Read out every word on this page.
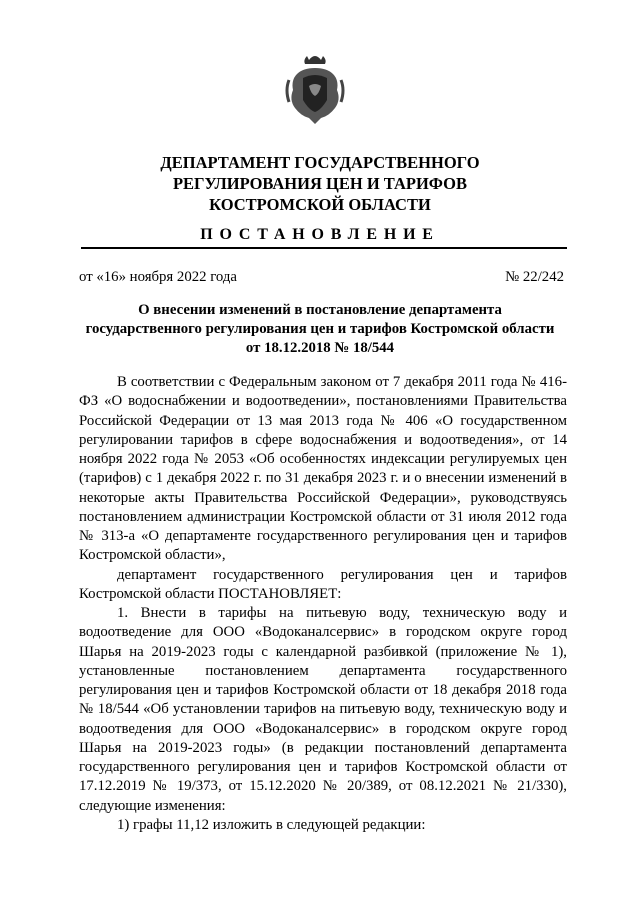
ДЕПАРТАМЕНТ ГОСУДАРСТВЕННОГО
РЕГУЛИРОВАНИЯ ЦЕН И ТАРИФОВ
КОСТРОМСКОЙ ОБЛАСТИ
ПОСТАНОВЛЕНИЕ
от «16» ноября 2022 года	№ 22/242
О внесении изменений в постановление департамента
государственного регулирования цен и тарифов Костромской области
от 18.12.2018 № 18/544

В соответствии с Федеральным законом от 7 декабря 2011 года № 416-ФЗ «О водоснабжении и водоотведении», постановлениями Правительства Российской Федерации от 13 мая 2013 года № 406 «О государственном регулировании тарифов в сфере водоснабжения и водоотведения», от 14 ноября 2022 года № 2053 «Об особенностях индексации регулируемых цен (тарифов) с 1 декабря 2022 г. по 31 декабря 2023 г. и о внесении изменений в некоторые акты Правительства Российской Федерации», руководствуясь постановлением администрации Костромской области от 31 июля 2012 года № 313-а «О департаменте государственного регулирования цен и тарифов Костромской области»,

департамент государственного регулирования цен и тарифов Костромской области ПОСТАНОВЛЯЕТ:

1. Внести в тарифы на питьевую воду, техническую воду и водоотведение для ООО «Водоканалсервис» в городском округе город Шарья на 2019-2023 годы с календарной разбивкой (приложение № 1), установленные постановлением департамента государственного регулирования цен и тарифов Костромской области от 18 декабря 2018 года № 18/544 «Об установлении тарифов на питьевую воду, техническую воду и водоотведения для ООО «Водоканалсервис» в городском округе город Шарья на 2019-2023 годы» (в редакции постановлений департамента государственного регулирования цен и тарифов Костромской области от 17.12.2019 № 19/373, от 15.12.2020 № 20/389, от 08.12.2021 № 21/330), следующие изменения:

1) графы 11,12 изложить в следующей редакции:
